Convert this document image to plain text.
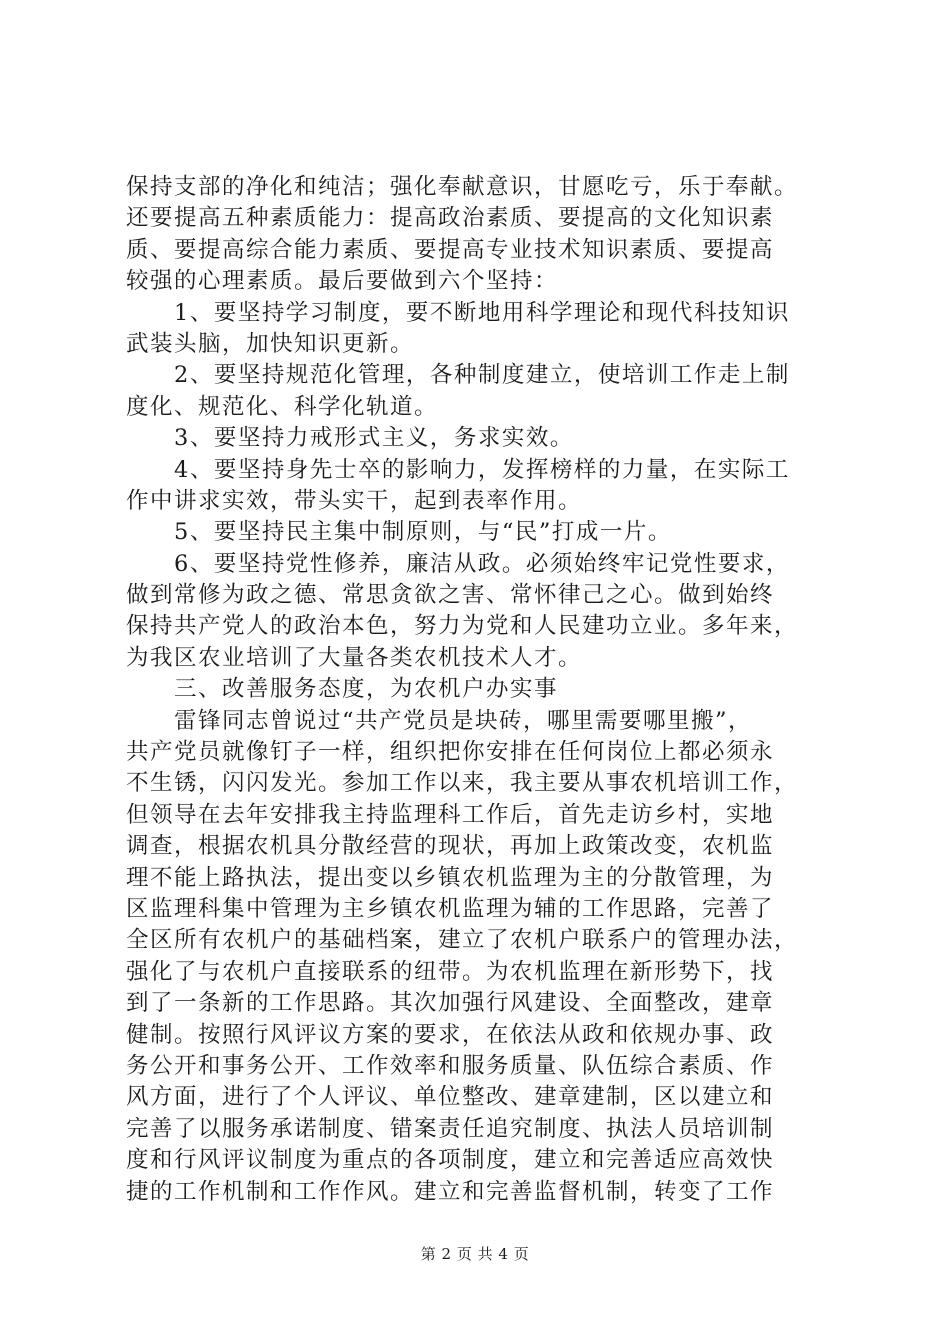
保持支部的净化和纯洁；强化奉献意识，甘愿吃亏，乐于奉献。
还要提高五种素质能力：提高政治素质、要提高的文化知识素
质、要提高综合能力素质、要提高专业技术知识素质、要提高
较强的心理素质。最后要做到六个坚持：
1、要坚持学习制度，要不断地用科学理论和现代科技知识
武装头脑，加快知识更新。
2、要坚持规范化管理，各种制度建立，使培训工作走上制
度化、规范化、科学化轨道。
3、要坚持力戒形式主义，务求实效。
4、要坚持身先士卒的影响力，发挥榜样的力量，在实际工
作中讲求实效，带头实干，起到表率作用。
5、要坚持民主集中制原则，与“民”打成一片。
6、要坚持党性修养，廉洁从政。必须始终牢记党性要求，
做到常修为政之德、常思贪欲之害、常怀律己之心。做到始终
保持共产党人的政治本色，努力为党和人民建功立业。多年来，
为我区农业培训了大量各类农机技术人才。
三、改善服务态度，为农机户办实事
雷锋同志曾说过“共产党员是块砖，哪里需要哪里搬”，
共产党员就像钉子一样，组织把你安排在任何岗位上都必须永
不生锈，闪闪发光。参加工作以来，我主要从事农机培训工作，
但领导在去年安排我主持监理科工作后，首先走访乡村，实地
调查，根据农机具分散经营的现状，再加上政策改变，农机监
理不能上路执法，提出变以乡镇农机监理为主的分散管理，为
区监理科集中管理为主乡镇农机监理为辅的工作思路，完善了
全区所有农机户的基础档案，建立了农机户联系户的管理办法，
强化了与农机户直接联系的纽带。为农机监理在新形势下，找
到了一条新的工作思路。其次加强行风建设、全面整改，建章
健制。按照行风评议方案的要求，在依法从政和依规办事、政
务公开和事务公开、工作效率和服务质量、队伍综合素质、作
风方面，进行了个人评议、单位整改、建章建制，区以建立和
完善了以服务承诺制度、错案责任追究制度、执法人员培训制
度和行风评议制度为重点的各项制度，建立和完善适应高效快
捷的工作机制和工作作风。建立和完善监督机制，转变了工作
第 2 页 共 4 页
